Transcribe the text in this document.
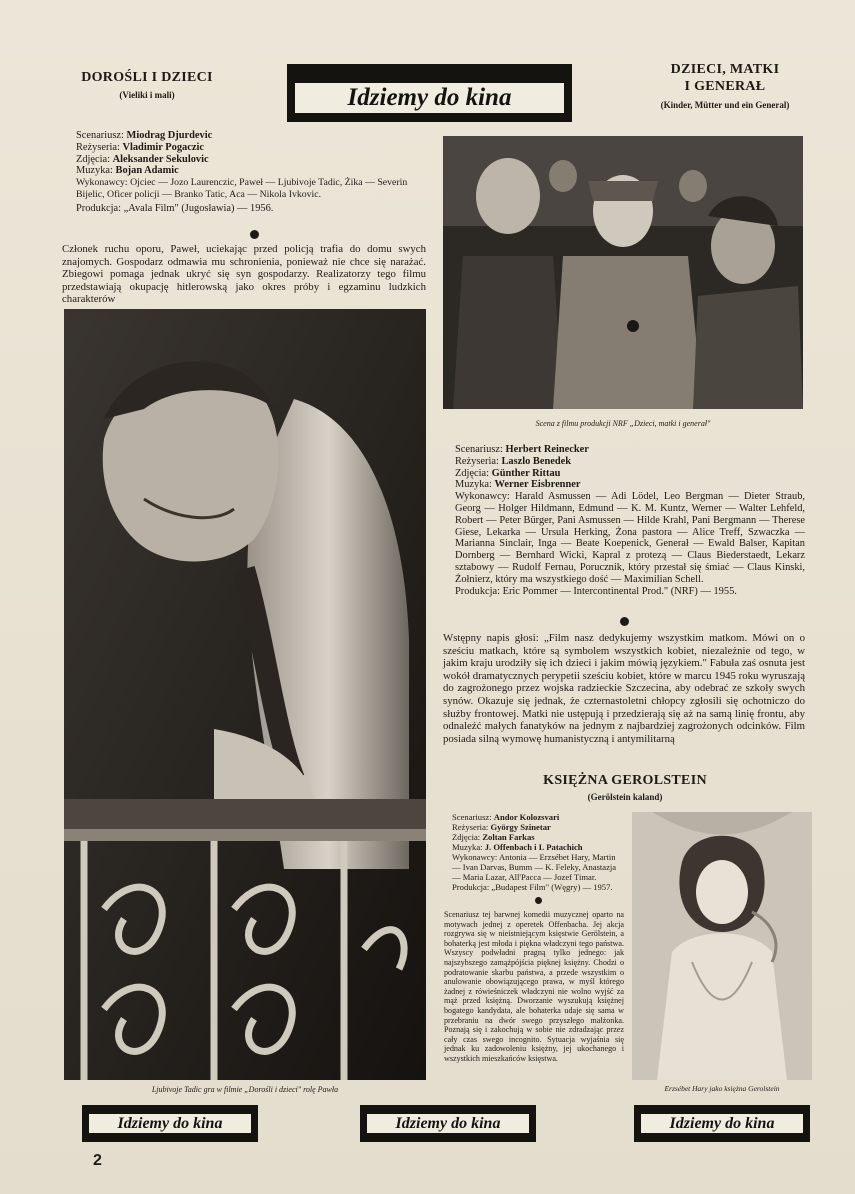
DOROŚLI I DZIECI
(Vieliki i mali)	Idziemy do kina
DZIECI, MATKI
I GENERAŁ
(Kinder, Mütter und ein General)
Scenariusz: Miodrag Djurdevic
Reżyseria: Vladimir Pogaczic
Zdjęcia: Aleksander Sekulovic
Muzyka: Bojan Adamic
Wykonawcy: Ojciec — Jozo Laurenczic, Paweł — Ljubivoje Tadic, Żika — Severin Bijelic, Oficer policji — Branko Tatic, Aca — Nikola Ivkovic.
Produkcja: „Avala Film" (Jugosławia) — 1956.
Członek ruchu oporu, Paweł, uciekając przed policją trafia do domu swych znajomych. Gospodarz odmawia mu schronienia, ponieważ nie chce się narażać. Zbiegowi pomaga jednak ukryć się syn gospodarzy. Realizatorzy tego filmu przedstawiają okupację hitlerowską jako okres próby i egzaminu ludzkich charakterów
Ljubivoje Tadic gra w filmie „Dorośli i dzieci" rolę Pawła
Scena z filmu produkcji NRF „Dzieci, matki i generał"
Scenariusz: Herbert Reinecker
Reżyseria: Laszlo Benedek
Zdjęcia: Günther Rittau
Muzyka: Werner Eisbrenner
Wykonawcy: Harald Asmussen — Adi Lödel, Leo Bergman — Dieter Straub, Georg — Holger Hildmann, Edmund — K. M. Kuntz, Werner — Walter Lehfeld, Robert — Peter Bürger, Pani Asmussen — Hilde Krahl, Pani Bergmann — Therese Giese, Lekarka — Ursula Herking, Żona pastora — Alice Treff, Szwaczka — Marianna Sinclair, Inga — Beate Koepenick, Generał — Ewald Balser, Kapitan Dornberg — Bernhard Wicki, Kapral z protezą — Claus Biederstaedt, Lekarz sztabowy — Rudolf Fernau, Porucznik, który przestał się śmiać — Claus Kinski, Żołnierz, który ma wszystkiego dość — Maximilian Schell.
Produkcja: Eric Pommer — Intercontinental Prod." (NRF) — 1955.
Wstępny napis głosi: „Film nasz dedykujemy wszystkim matkom. Mówi on o sześciu matkach, które są symbolem wszystkich kobiet, niezależnie od tego, w jakim kraju urodziły się ich dzieci i jakim mówią językiem." Fabuła zaś osnuta jest wokół dramatycznych perypetii sześciu kobiet, które w marcu 1945 roku wyruszają do zagrożonego przez wojska radzieckie Szczecina, aby odebrać ze szkoły swych synów. Okazuje się jednak, że czternastoletni chłopcy zgłosili się ochotniczo do służby frontowej. Matki nie ustępują i przedzierają się aż na samą linię frontu, aby odnaleźć małych fanatyków na jednym z najbardziej zagrożonych odcinków. Film posiada silną wymowę humanistyczną i antymilitarną
KSIĘŻNA GEROLSTEIN
(Gerölstein kaland)
Scenariusz: Andor Kolozsvari
Reżyseria: György Szinetar
Zdjęcia: Zoltan Farkas
Muzyka: J. Offenbach i I. Patachich
Wykonawcy: Antonia — Erzsébet Hary, Martin — Ivan Darvas, Bumm — K. Feleky, Anastazja — Maria Lazar, All'Pacca — Jozef Timar.
Produkcja: „Budapest Film" (Węgry) — 1957.
Scenariusz tej barwnej komedii muzycznej oparto na motywach jednej z operetek Offenbacha. Jej akcja rozgrywa się w nieistniejącym księstwie Gerölstein, a bohaterką jest młoda i piękna władczyni tego państwa. Wszyscy podwładni pragną tylko jednego: jak najszybszego zamążpójścia pięknej księżny. Chodzi o podratowanie skarbu państwa, a przede wszystkim o anulowanie obowiązującego prawa, w myśl którego żadnej z rówieśniczek władczyni nie wolno wyjść za mąż przed księżną. Dworzanie wyszukują księżnej bogatego kandydata, ale bohaterka udaje się sama w przebraniu na dwór swego przyszłego małżonka. Poznają się i zakochują w sobie nie zdradzając przez cały czas swego incognito. Sytuacja wyjaśnia się jednak ku zadowoleniu księżny, jej ukochanego i wszystkich mieszkańców księstwa.
Erzsébet Hary jako księżna Gerolstein
Idziemy do kina	Idziemy do kina	Idziemy do kina
2
